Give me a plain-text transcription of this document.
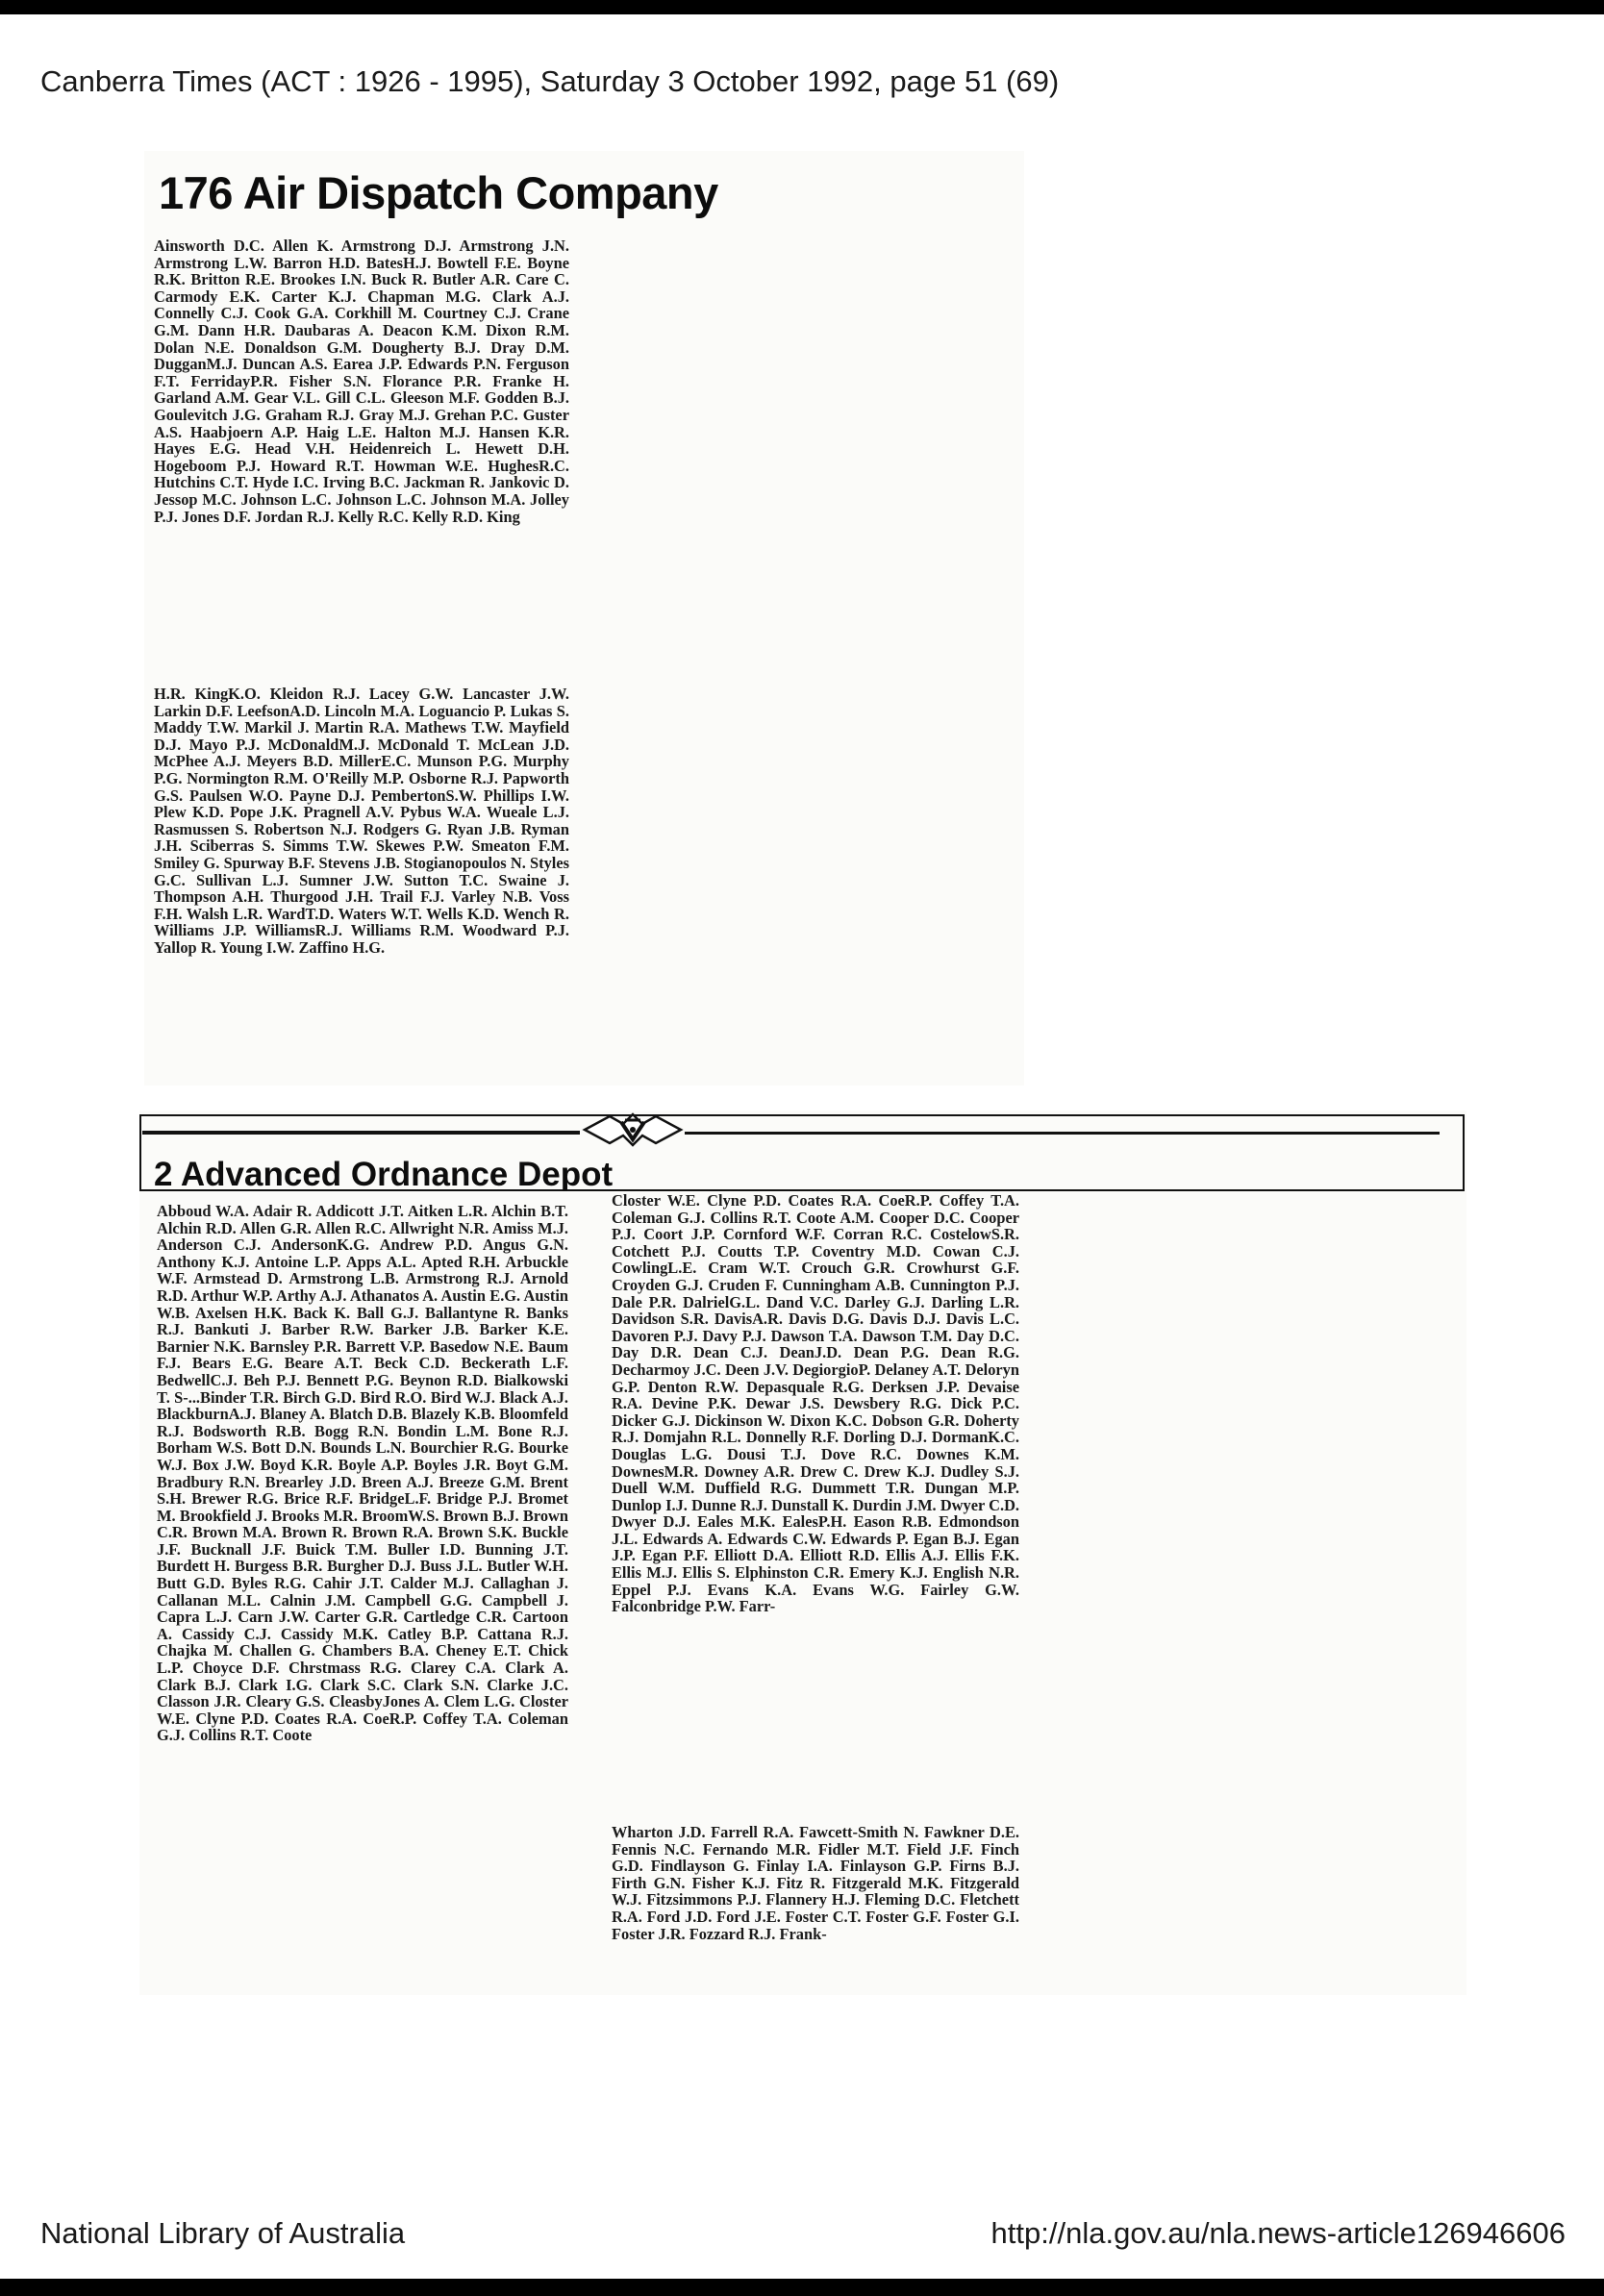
Canberra Times (ACT : 1926 - 1995), Saturday 3 October 1992, page 51 (69)
176 Air Dispatch Company

Ainsworth D.C. Allen K. Armstrong D.J. Armstrong J.N. Armstrong L.W. Barron H.D. BatesH.J. Bowtell F.E. Boyne R.K. Britton R.E. Brookes I.N. Buck R. Butler A.R. Care C. Carmody E.K. Carter K.J. Chapman M.G. Clark A.J. Connelly C.J. Cook G.A. Corkhill M. Courtney C.J. Crane G.M. Dann H.R. Daubaras A. Deacon K.M. Dixon R.M. Dolan N.E. Donaldson G.M. Dougherty B.J. Dray D.M. DugganM.J. Duncan A.S. Earea J.P. Edwards P.N. Ferguson F.T. FerridayP.R. Fisher S.N. Florance P.R. Franke H. Garland A.M. Gear V.L. Gill C.L. Gleeson M.F. Godden B.J. Goulevitch J.G. Graham R.J. Gray M.J. Grehan P.C. Guster A.S. Haabjoern A.P. Haig L.E. Halton M.J. Hansen K.R. Hayes E.G. Head V.H. Heidenreich L. Hewett D.H. Hogeboom P.J. Howard R.T. Howman W.E. HughesR.C. Hutchins C.T. Hyde I.C. Irving B.C. Jackman R. Jankovic D. Jessop M.C. Johnson L.C. Johnson L.C. Johnson M.A. Jolley P.J. Jones D.F. Jordan R.J. Kelly R.C. Kelly R.D. King

H.R. KingK.O. Kleidon R.J. Lacey G.W. Lancaster J.W. Larkin D.F. LeefsonA.D. Lincoln M.A. Loguancio P. Lukas S. Maddy T.W. Markil J. Martin R.A. Mathews T.W. Mayfield D.J. Mayo P.J. McDonaldM.J. McDonald T. McLean J.D. McPhee A.J. Meyers B.D. MillerE.C. Munson P.G. Murphy P.G. Normington R.M. O'Reilly M.P. Osborne R.J. Papworth G.S. Paulsen W.O. Payne D.J. PembertonS.W. Phillips I.W. Plew K.D. Pope J.K. Pragnell A.V. Pybus W.A. Wueale L.J. Rasmussen S. Robertson N.J. Rodgers G. Ryan J.B. Ryman J.H. Sciberras S. Simms T.W. Skewes P.W. Smeaton F.M. Smiley G. Spurway B.F. Stevens J.B. Stogianopoulos N. Styles G.C. Sullivan L.J. Sumner J.W. Sutton T.C. Swaine J. Thompson A.H. Thurgood J.H. Trail F.J. Varley N.B. Voss F.H. Walsh L.R. WardT.D. Waters W.T. Wells K.D. Wench R. Williams J.P. WilliamsR.J. Williams R.M. Woodward P.J. Yallop R. Young I.W. Zaffino H.G.

2 Advanced Ordnance Depot

Abboud W.A. Adair R. Addicott J.T. Aitken L.R. Alchin B.T. Alchin R.D. Allen G.R. Allen R.C. Allwright N.R. Amiss M.J. Anderson C.J. AndersonK.G. Andrew P.D. Angus G.N. Anthony K.J. Antoine L.P. Apps A.L. Apted R.H. Arbuckle W.F. Armstead D. Armstrong L.B. Armstrong R.J. Arnold R.D. Arthur W.P. Arthy A.J. Athanatos A. Austin E.G. Austin W.B. Axelsen H.K. Back K. Ball G.J. Ballantyne R. Banks R.J. Bankuti J. Barber R.W. Barker J.B. Barker K.E. Barnier N.K. Barnsley P.R. Barrett V.P. Basedow N.E. Baum F.J. Bears E.G. Beare A.T. Beck C.D. Beckerath L.F. BedwellC.J. Beh P.J. Bennett P.G. Beynon R.D. Bialkowski T. S-...Binder T.R. Birch G.D. Bird R.O. Bird W.J. Black A.J. BlackburnA.J. Blaney A. Blatch D.B. Blazely K.B. Bloomfeld R.J. Bodsworth R.B. Bogg R.N. Bondin L.M. Bone R.J. Borham W.S. Bott D.N. Bounds L.N. Bourchier R.G. Bourke W.J. Box J.W. Boyd K.R. Boyle A.P. Boyles J.R. Boyt G.M. Bradbury R.N. Brearley J.D. Breen A.J. Breeze G.M. Brent S.H. Brewer R.G. Brice R.F. BridgeL.F. Bridge P.J. Bromet M. Brookfield J. Brooks M.R. BroomW.S. Brown B.J. Brown C.R. Brown M.A. Brown R. Brown R.A. Brown S.K. Buckle J.F. Bucknall J.F. Buick T.M. Buller I.D. Bunning J.T. Burdett H. Burgess B.R. Burgher D.J. Buss J.L. Butler W.H. Butt G.D. Byles R.G. Cahir J.T. Calder M.J. Callaghan J. Callanan M.L. Calnin J.M. Campbell G.G. Campbell J. Capra L.J. Carn J.W. Carter G.R. Cartledge C.R. Cartoon A. Cassidy C.J. Cassidy M.K. Catley B.P. Cattana R.J. Chajka M. Challen G. Chambers B.A. Cheney E.T. Chick L.P. Choyce D.F. Chrstmass R.G. Clarey C.A. Clark A. Clark B.J. Clark I.G. Clark S.C. Clark S.N. Clarke J.C. Classon J.R. Cleary G.S. CleasbyJones A. Clem L.G. Closter W.E. Clyne P.D. Coates R.A. CoeR.P. Coffey T.A. Coleman G.J. Collins R.T. Coote

Closter W.E. Clyne P.D. Coates R.A. CoeR.P. Coffey T.A. Coleman G.J. Collins R.T. Coote A.M. Cooper D.C. Cooper P.J. Coort J.P. Cornford W.F. Corran R.C. CostelowS.R. Cotchett P.J. Coutts T.P. Coventry M.D. Cowan C.J. CowlingL.E. Cram W.T. Crouch G.R. Crowhurst G.F. Croyden G.J. Cruden F. Cunningham A.B. Cunnington P.J. Dale P.R. DalrielG.L. Dand V.C. Darley G.J. Darling L.R. Davidson S.R. DavisA.R. Davis D.G. Davis D.J. Davis L.C. Davoren P.J. Davy P.J. Dawson T.A. Dawson T.M. Day D.C. Day D.R. Dean C.J. DeanJ.D. Dean P.G. Dean R.G. Decharmoy J.C. Deen J.V. DegiorgioP. Delaney A.T. Deloryn G.P. Denton R.W. Depasquale R.G. Derksen J.P. Devaise R.A. Devine P.K. Dewar J.S. Dewsbery R.G. Dick P.C. Dicker G.J. Dickinson W. Dixon K.C. Dobson G.R. Doherty R.J. Domjahn R.L. Donnelly R.F. Dorling D.J. DormanK.C. Douglas L.G. Dousi T.J. Dove R.C. Downes K.M. DownesM.R. Downey A.R. Drew C. Drew K.J. Dudley S.J. Duell W.M. Duffield R.G. Dummett T.R. Dungan M.P. Dunlop I.J. Dunne R.J. Dunstall K. Durdin J.M. Dwyer C.D. Dwyer D.J. Eales M.K. EalesP.H. Eason R.B. Edmondson J.L. Edwards A. Edwards C.W. Edwards P. Egan B.J. Egan J.P. Egan P.F. Elliott D.A. Elliott R.D. Ellis A.J. Ellis F.K. Ellis M.J. Ellis S. Elphinston C.R. Emery K.J. English N.R. Eppel P.J. Evans K.A. Evans W.G. Fairley G.W. Falconbridge P.W. Farr-

Wharton J.D. Farrell R.A. Fawcett-Smith N. Fawkner D.E. Fennis N.C. Fernando M.R. Fidler M.T. Field J.F. Finch G.D. Findlayson G. Finlay I.A. Finlayson G.P. Firns B.J. Firth G.N. Fisher K.J. Fitz R. Fitzgerald M.K. Fitzgerald W.J. Fitzsimmons P.J. Flannery H.J. Fleming D.C. Fletchett R.A. Ford J.D. Ford J.E. Foster C.T. Foster G.F. Foster G.I. Foster J.R. Fozzard R.J. Frank-

National Library of Australia	http://nla.gov.au/nla.news-article126946606
